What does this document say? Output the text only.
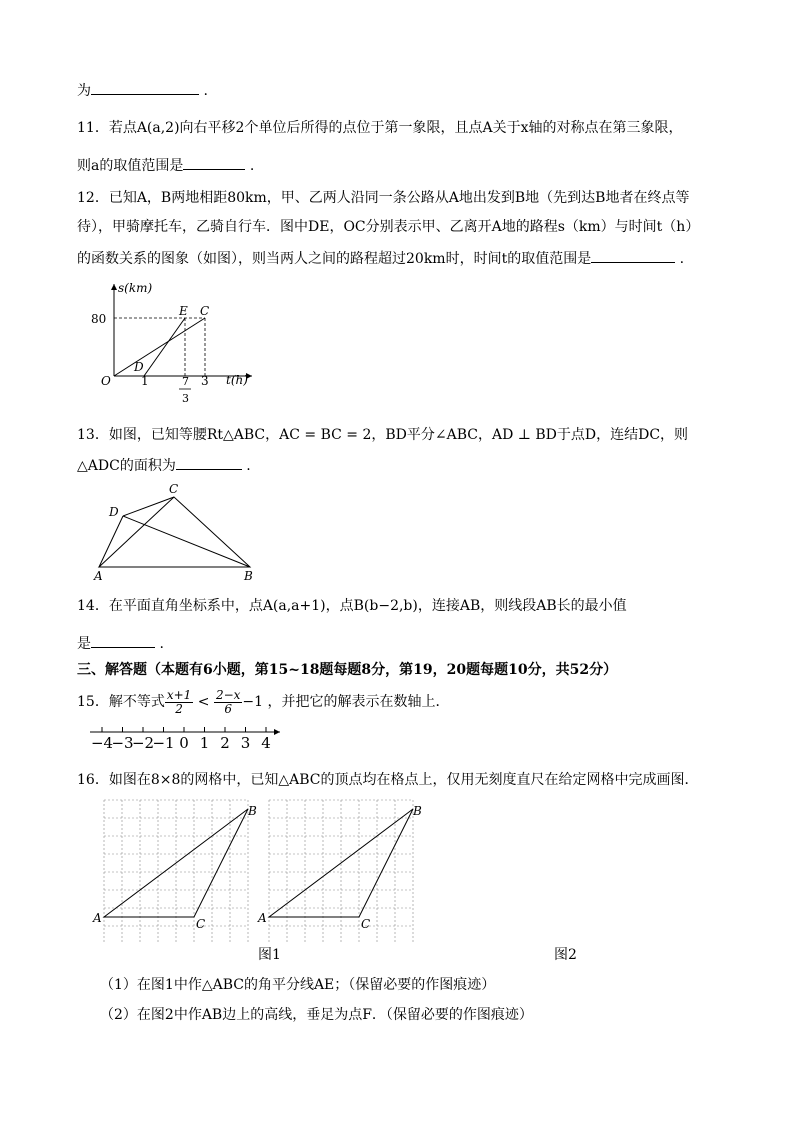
为	.
11．若点A(a,2)向右平移2个单位后所得的点位于第一象限，且点A关于x轴的对称点在第三象限，
则a的取值范围是	.
12．已知A，B两地相距80km，甲、乙两人沿同一条公路从A地出发到B地（先到达B地者在终点等
待），甲骑摩托车，乙骑自行车．图中DE，OC分别表示甲、乙离开A地的路程s（km）与时间t（h）
的函数关系的图象（如图），则当两人之间的路程超过20km时，时间t的取值范围是	.
s(km)
80
O	1	7
3
3 t(h)
D
E C
13．如图，已知等腰Rt△ABC，AC = BC = 2，BD平分∠ABC，AD ⊥ BD于点D，连结DC，则
△ADC的面积为	.
A	B
C
D
14．在平面直角坐标系中，点A(a,a+1)，点B(b−2,b)，连接AB，则线段AB长的最小值
是	.
三、解答题（本题有6小题，第15~18题每题8分，第19，20题每题10分，共52分）
15．解不等式 $\frac{x+1}{2} < \frac{2-x}{6} -1$ ，并把它的解表示在数轴上．
−4
−3
−2
−1 0 1 2 3 4
16．如图在8×8的网格中，已知△ABC的顶点均在格点上，仅用无刻度直尺在给定网格中完成画图．
A
B
C	A
B
C
图1	图2
（1）在图1中作△ABC的角平分线AE；（保留必要的作图痕迹）
（2）在图2中作AB边上的高线，垂足为点F．（保留必要的作图痕迹）
